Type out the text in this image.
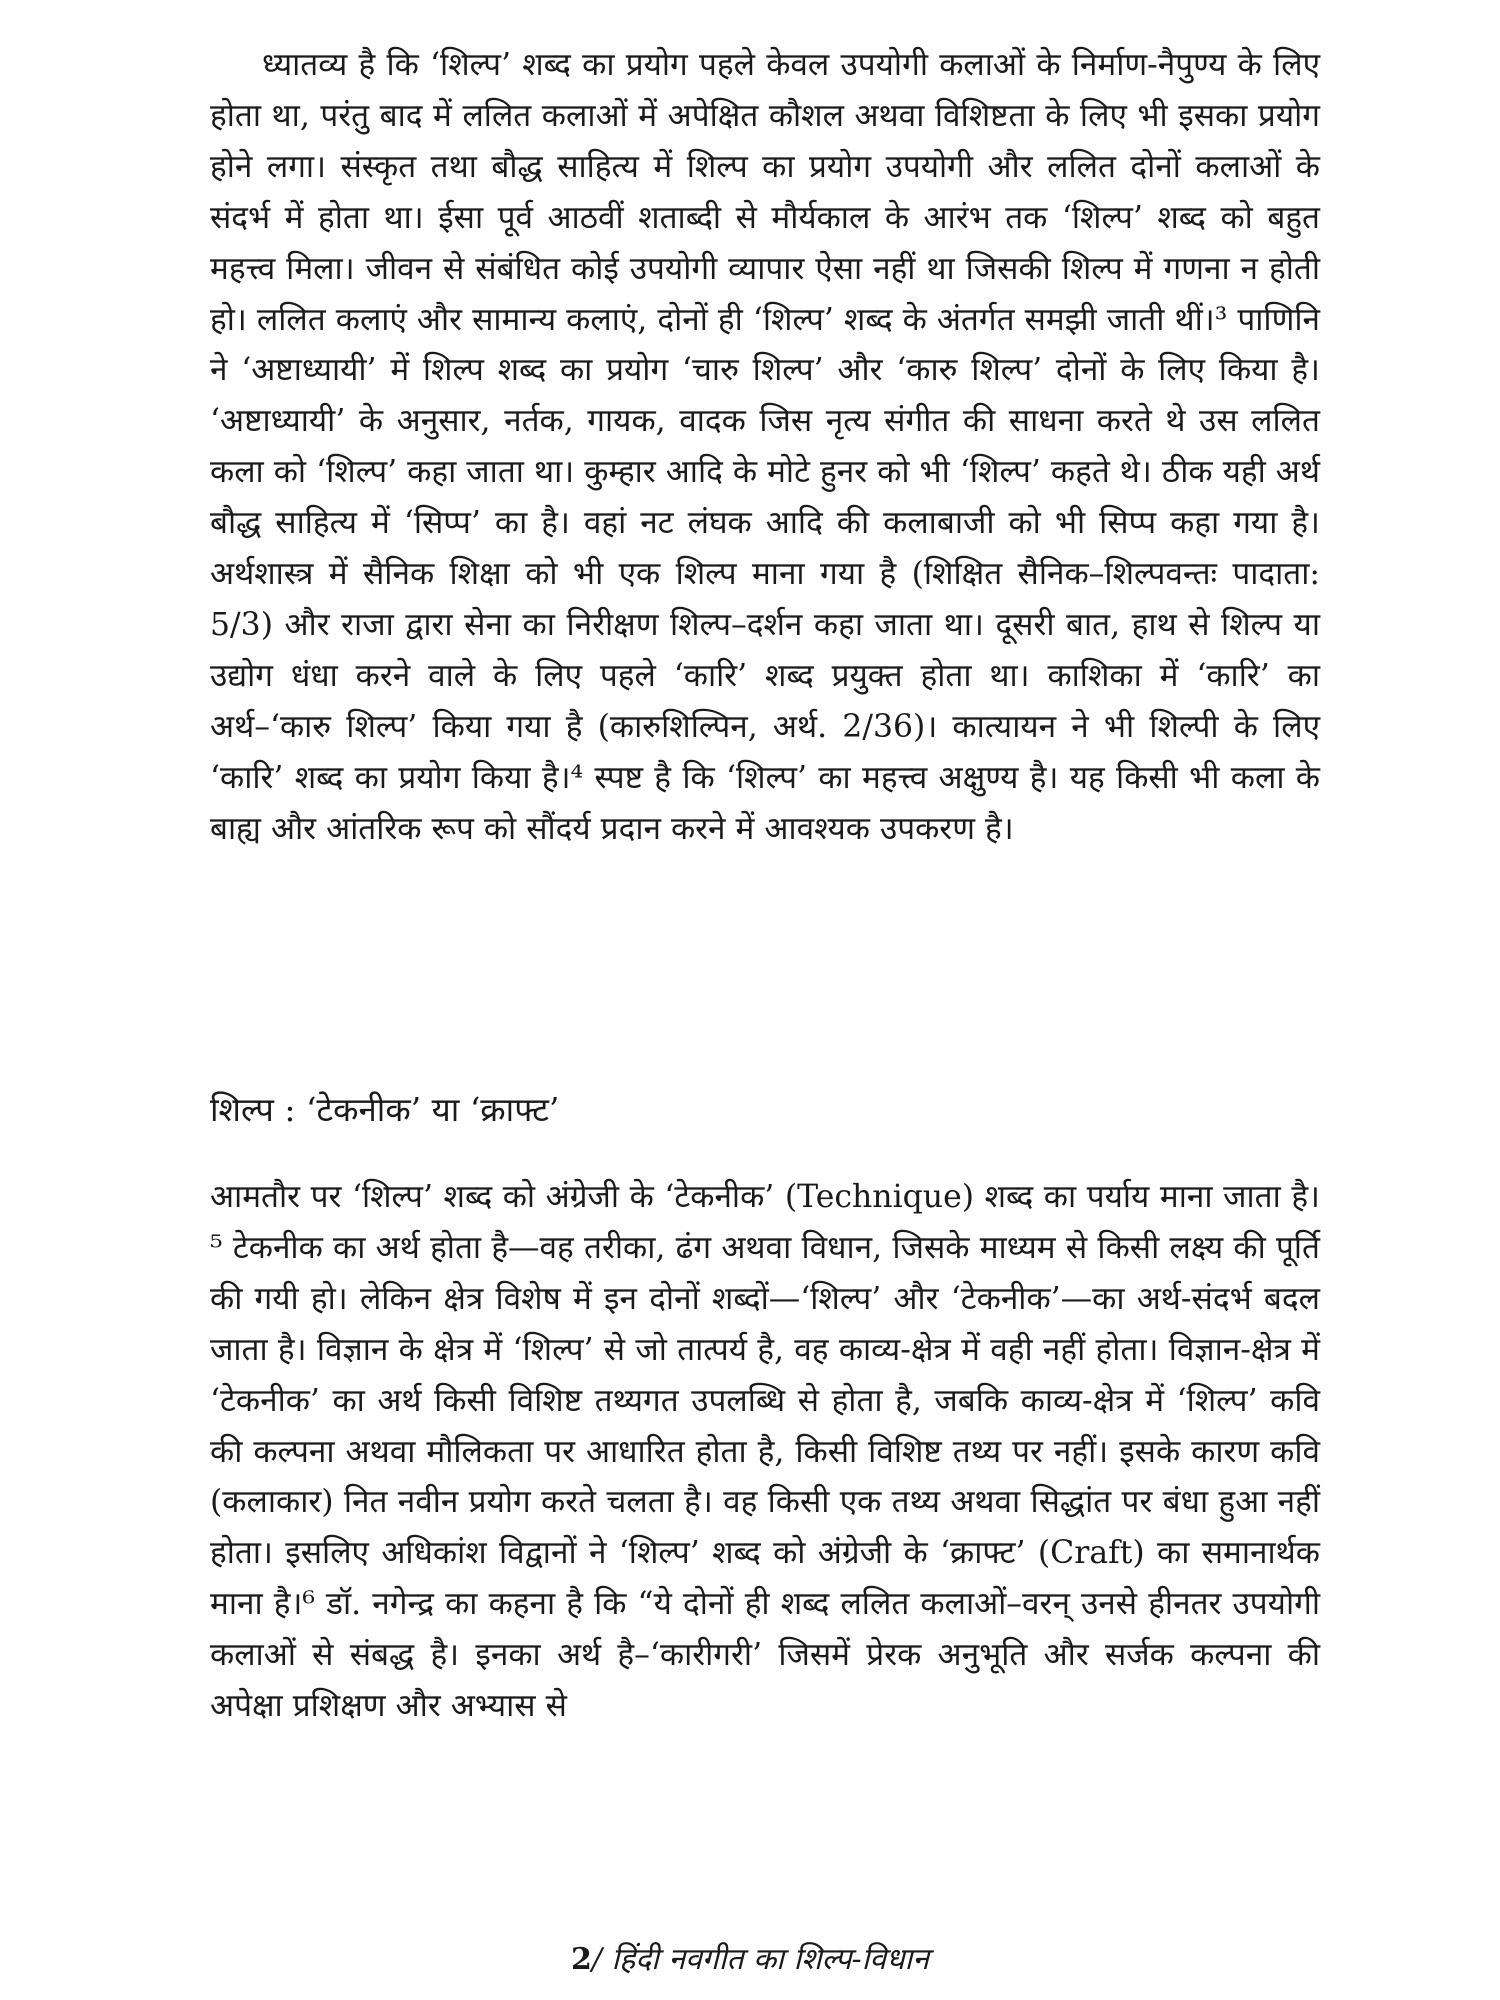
ध्यातव्य है कि ‘शिल्प’ शब्द का प्रयोग पहले केवल उपयोगी कलाओं के निर्माण-नैपुण्य के लिए होता था, परंतु बाद में ललित कलाओं में अपेक्षित कौशल अथवा विशिष्टता के लिए भी इसका प्रयोग होने लगा। संस्कृत तथा बौद्ध साहित्य में शिल्प का प्रयोग उपयोगी और ललित दोनों कलाओं के संदर्भ में होता था। ईसा पूर्व आठवीं शताब्दी से मौर्यकाल के आरंभ तक ‘शिल्प’ शब्द को बहुत महत्त्व मिला। जीवन से संबंधित कोई उपयोगी व्यापार ऐसा नहीं था जिसकी शिल्प में गणना न होती हो। ललित कलाएं और सामान्य कलाएं, दोनों ही ‘शिल्प’ शब्द के अंतर्गत समझी जाती थीं।³ पाणिनि ने ‘अष्टाध्यायी’ में शिल्प शब्द का प्रयोग ‘चारु शिल्प’ और ‘कारु शिल्प’ दोनों के लिए किया है। ‘अष्टाध्यायी’ के अनुसार, नर्तक, गायक, वादक जिस नृत्य संगीत की साधना करते थे उस ललित कला को ‘शिल्प’ कहा जाता था। कुम्हार आदि के मोटे हुनर को भी ‘शिल्प’ कहते थे। ठीक यही अर्थ बौद्ध साहित्य में ‘सिप्प’ का है। वहां नट लंघक आदि की कलाबाजी को भी सिप्प कहा गया है। अर्थशास्त्र में सैनिक शिक्षा को भी एक शिल्प माना गया है (शिक्षित सैनिक–शिल्पवन्तः पादाता: 5/3) और राजा द्वारा सेना का निरीक्षण शिल्प–दर्शन कहा जाता था। दूसरी बात, हाथ से शिल्प या उद्योग धंधा करने वाले के लिए पहले ‘कारि’ शब्द प्रयुक्त होता था। काशिका में ‘कारि’ का अर्थ–‘कारु शिल्प’ किया गया है (कारुशिल्पिन, अर्थ. 2/36)। कात्यायन ने भी शिल्पी के लिए ‘कारि’ शब्द का प्रयोग किया है।⁴ स्पष्ट है कि ‘शिल्प’ का महत्त्व अक्षुण्य है। यह किसी भी कला के बाह्य और आंतरिक रूप को सौंदर्य प्रदान करने में आवश्यक उपकरण है।

शिल्प : ‘टेकनीक’ या ‘क्राफ्ट’

आमतौर पर ‘शिल्प’ शब्द को अंग्रेजी के ‘टेकनीक’ (Technique) शब्द का पर्याय माना जाता है।⁵ टेकनीक का अर्थ होता है—वह तरीका, ढंग अथवा विधान, जिसके माध्यम से किसी लक्ष्य की पूर्ति की गयी हो। लेकिन क्षेत्र विशेष में इन दोनों शब्दों—‘शिल्प’ और ‘टेकनीक’—का अर्थ-संदर्भ बदल जाता है। विज्ञान के क्षेत्र में ‘शिल्प’ से जो तात्पर्य है, वह काव्य-क्षेत्र में वही नहीं होता। विज्ञान-क्षेत्र में ‘टेकनीक’ का अर्थ किसी विशिष्ट तथ्यगत उपलब्धि से होता है, जबकि काव्य-क्षेत्र में ‘शिल्प’ कवि की कल्पना अथवा मौलिकता पर आधारित होता है, किसी विशिष्ट तथ्य पर नहीं। इसके कारण कवि (कलाकार) नित नवीन प्रयोग करते चलता है। वह किसी एक तथ्य अथवा सिद्धांत पर बंधा हुआ नहीं होता। इसलिए अधिकांश विद्वानों ने ‘शिल्प’ शब्द को अंग्रेजी के ‘क्राफ्ट’ (Craft) का समानार्थक माना है।⁶ डॉ. नगेन्द्र का कहना है कि “ये दोनों ही शब्द ललित कलाओं–वरन् उनसे हीनतर उपयोगी कलाओं से संबद्ध है। इनका अर्थ है–‘कारीगरी’ जिसमें प्रेरक अनुभूति और सर्जक कल्पना की अपेक्षा प्रशिक्षण और अभ्यास से

2/ हिंदी नवगीत का शिल्प-विधान
